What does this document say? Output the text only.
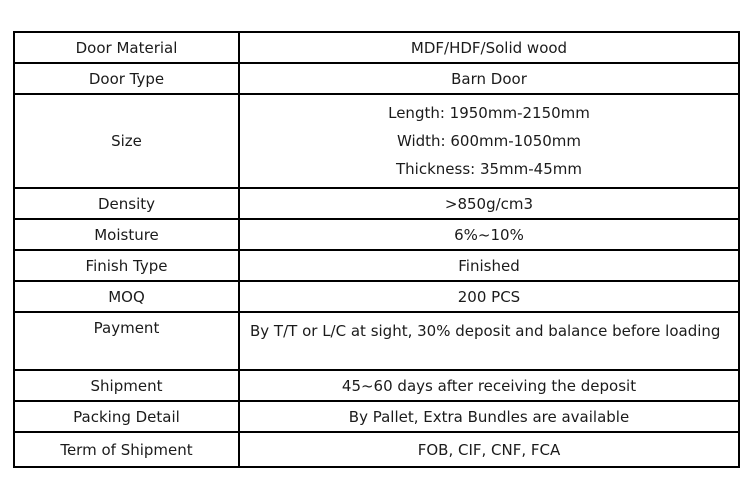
Door Material	MDF/HDF/Solid wood
Door Type	Barn Door
Size	Length: 1950mm-2150mm
Width: 600mm-1050mm
Thickness: 35mm-45mm

Density	>850g/cm3
Moisture	6%~10%
Finish Type	Finished
MOQ	200 PCS
Payment	By T/T or L/C at sight, 30% deposit and balance before loading
Shipment	45~60 days after receiving the deposit
Packing Detail	By Pallet, Extra Bundles are available
Term of Shipment	FOB, CIF, CNF, FCA
